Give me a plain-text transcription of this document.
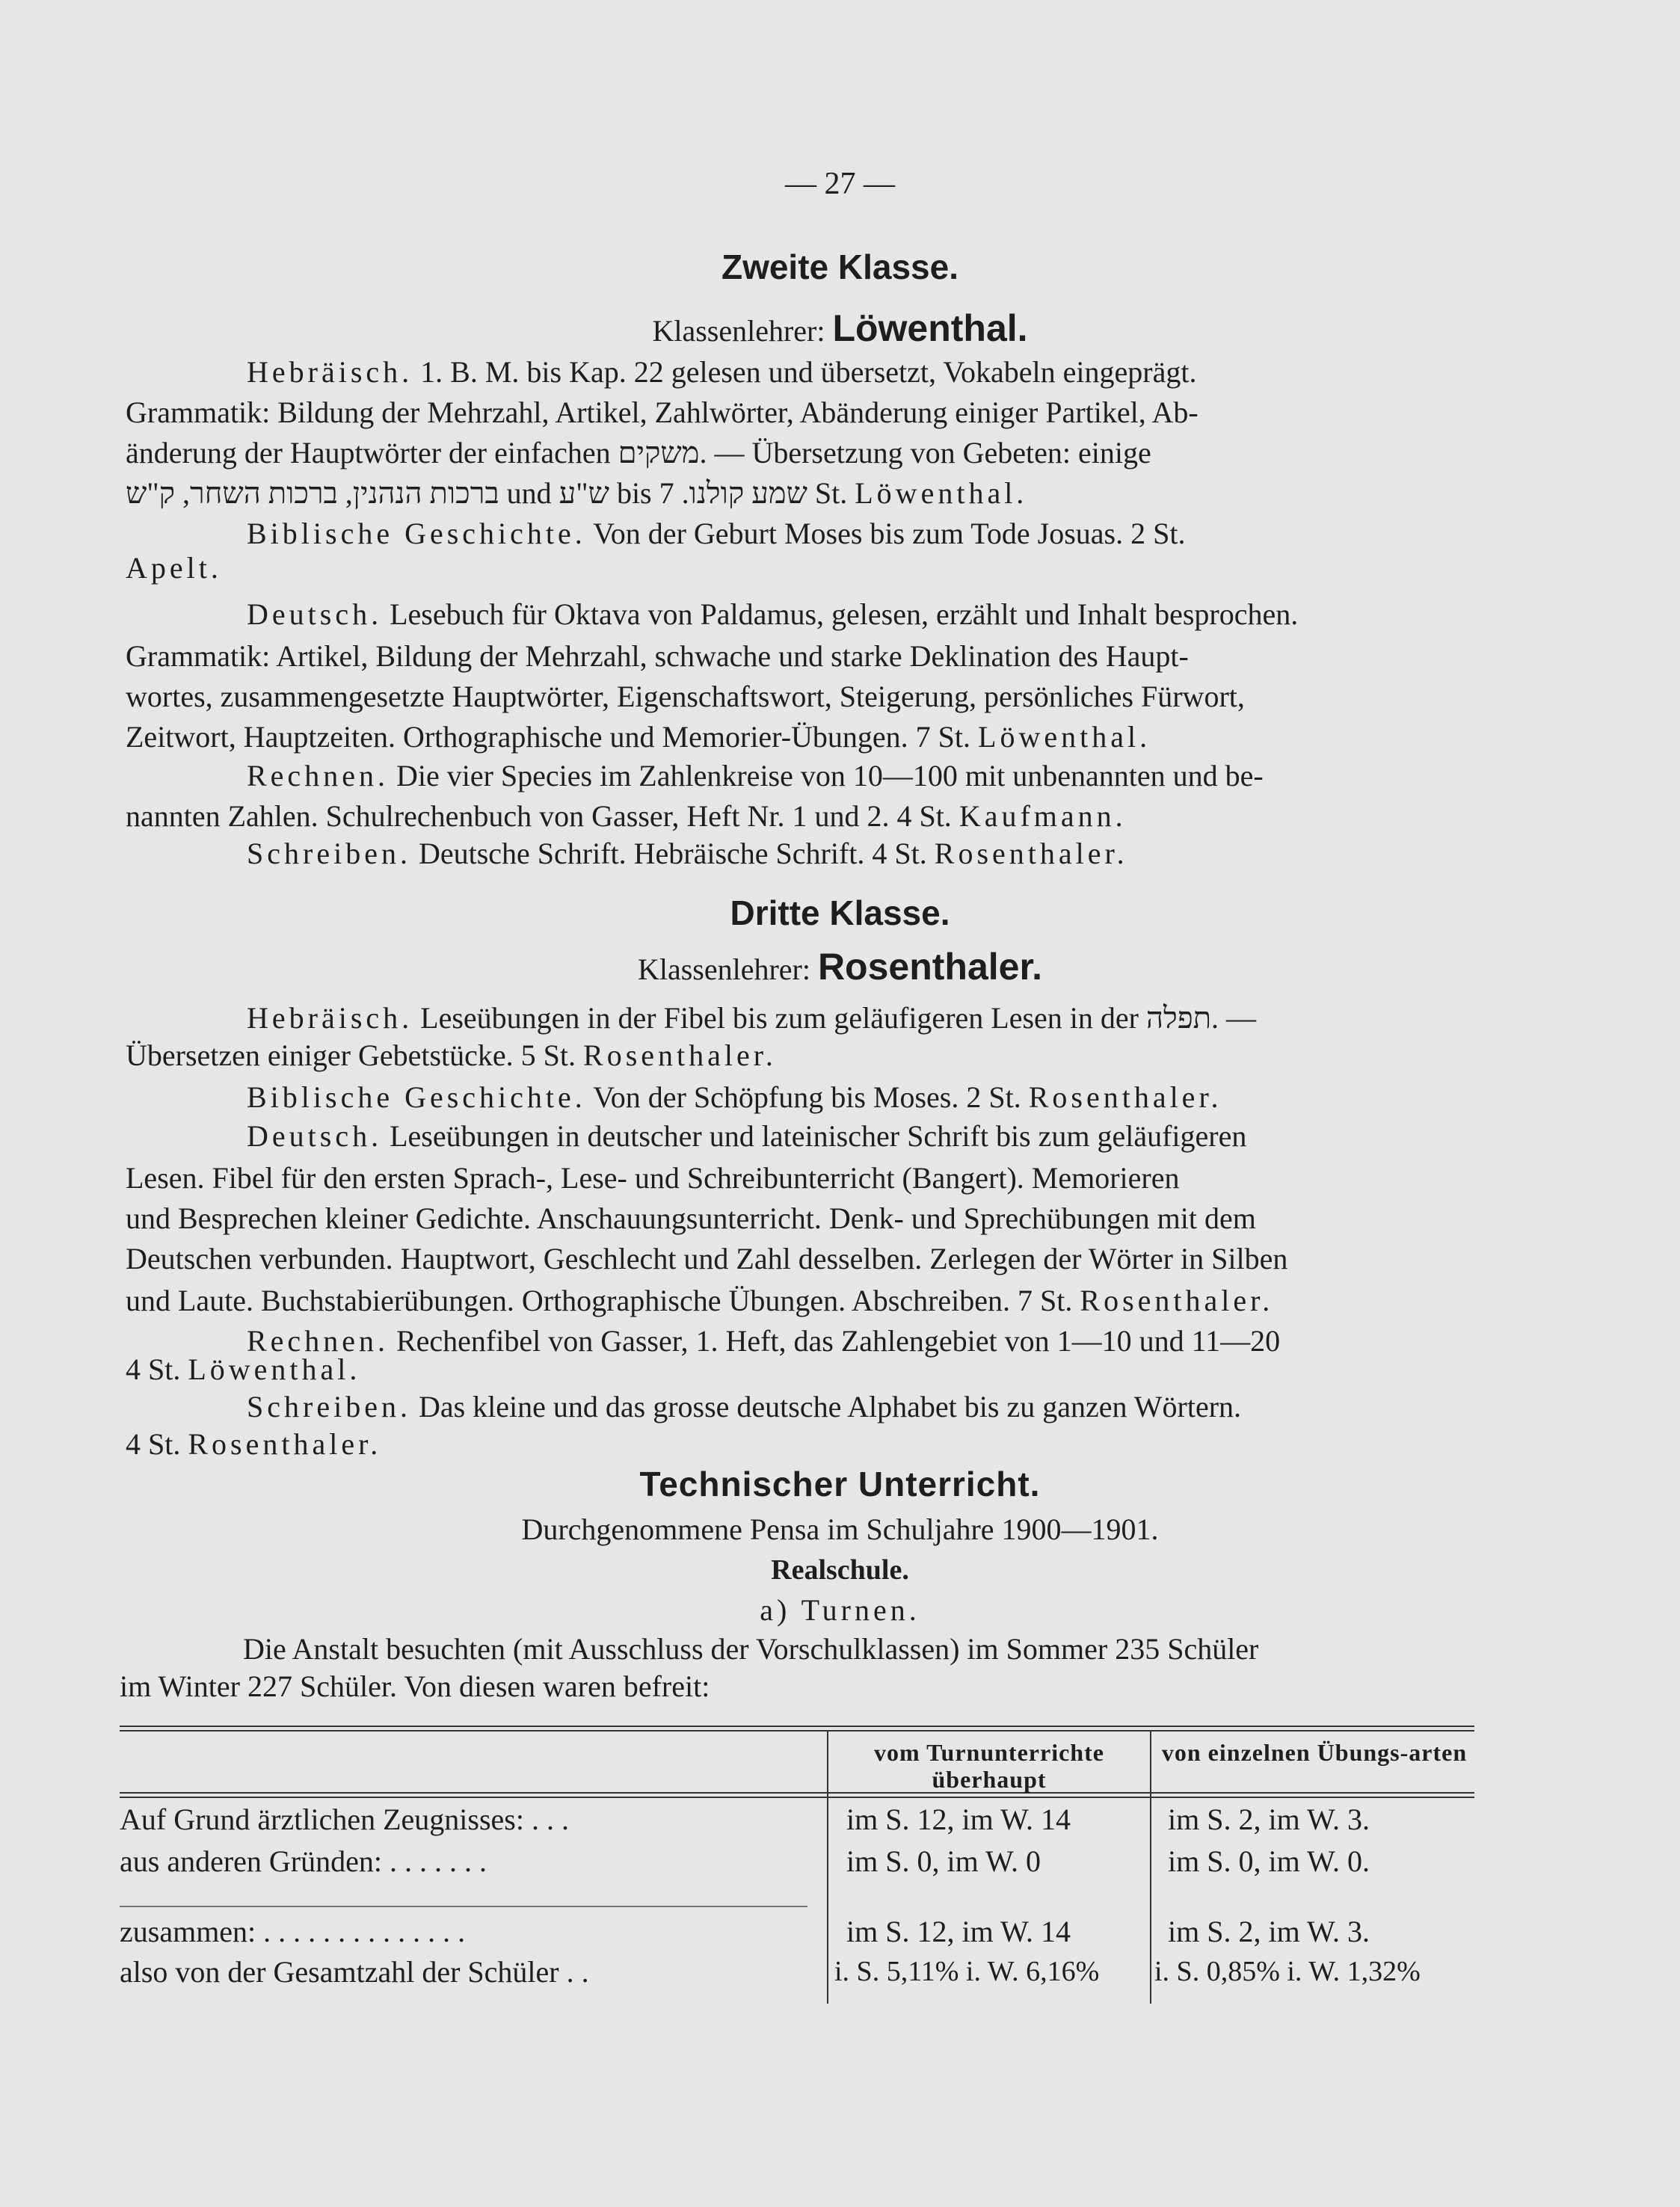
— 27 —
Zweite Klasse.
Klassenlehrer: Löwenthal.
Hebräisch. 1. B. M. bis Kap. 22 gelesen und übersetzt, Vokabeln eingeprägt.
Grammatik: Bildung der Mehrzahl, Artikel, Zahlwörter, Abänderung einiger Partikel, Ab-
änderung der Hauptwörter der einfachen משקים. — Übersetzung von Gebeten: einige
ברכות הנהנין, ברכות השחר, ק"ש und ש"ע bis שמע קולנו. 7 St. Löwenthal.
Biblische Geschichte. Von der Geburt Moses bis zum Tode Josuas. 2 St.
Apelt.
Deutsch. Lesebuch für Oktava von Paldamus, gelesen, erzählt und Inhalt besprochen.
Grammatik: Artikel, Bildung der Mehrzahl, schwache und starke Deklination des Haupt-
wortes, zusammengesetzte Hauptwörter, Eigenschaftswort, Steigerung, persönliches Fürwort,
Zeitwort, Hauptzeiten. Orthographische und Memorier-Übungen. 7 St. Löwenthal.
Rechnen. Die vier Species im Zahlenkreise von 10—100 mit unbenannten und be-
nannten Zahlen. Schulrechenbuch von Gasser, Heft Nr. 1 und 2. 4 St. Kaufmann.
Schreiben. Deutsche Schrift. Hebräische Schrift. 4 St. Rosenthaler.
Dritte Klasse.
Klassenlehrer: Rosenthaler.
Hebräisch. Leseübungen in der Fibel bis zum geläufigeren Lesen in der תפלה. —
Übersetzen einiger Gebetstücke. 5 St. Rosenthaler.
Biblische Geschichte. Von der Schöpfung bis Moses. 2 St. Rosenthaler.
Deutsch. Leseübungen in deutscher und lateinischer Schrift bis zum geläufigeren
Lesen. Fibel für den ersten Sprach-, Lese- und Schreibunterricht (Bangert). Memorieren
und Besprechen kleiner Gedichte. Anschauungsunterricht. Denk- und Sprechübungen mit dem
Deutschen verbunden. Hauptwort, Geschlecht und Zahl desselben. Zerlegen der Wörter in Silben
und Laute. Buchstabierübungen. Orthographische Übungen. Abschreiben. 7 St. Rosenthaler.
Rechnen. Rechenfibel von Gasser, 1. Heft, das Zahlengebiet von 1—10 und 11—20
4 St. Löwenthal.
Schreiben. Das kleine und das grosse deutsche Alphabet bis zu ganzen Wörtern.
4 St. Rosenthaler.
Technischer Unterricht.
Durchgenommene Pensa im Schuljahre 1900—1901.
Realschule.
a) Turnen.
Die Anstalt besuchten (mit Ausschluss der Vorschulklassen) im Sommer 235 Schüler
im Winter 227 Schüler. Von diesen waren befreit:
vom Turnunterrichte überhaupt
von einzelnen Übungs-arten
Auf Grund ärztlichen Zeugnisses: . . .	im S. 12, im W. 14	im S. 2, im W. 3.
aus anderen Gründen: . . . . . . .	im S. 0, im W. 0	im S. 0, im W. 0.
zusammen: . . . . . . . . . . . . . .	im S. 12, im W. 14	im S. 2, im W. 3.
also von der Gesamtzahl der Schüler . .	i. S. 5,11% i. W. 6,16% i. S. 0,85% i. W. 1,32%
